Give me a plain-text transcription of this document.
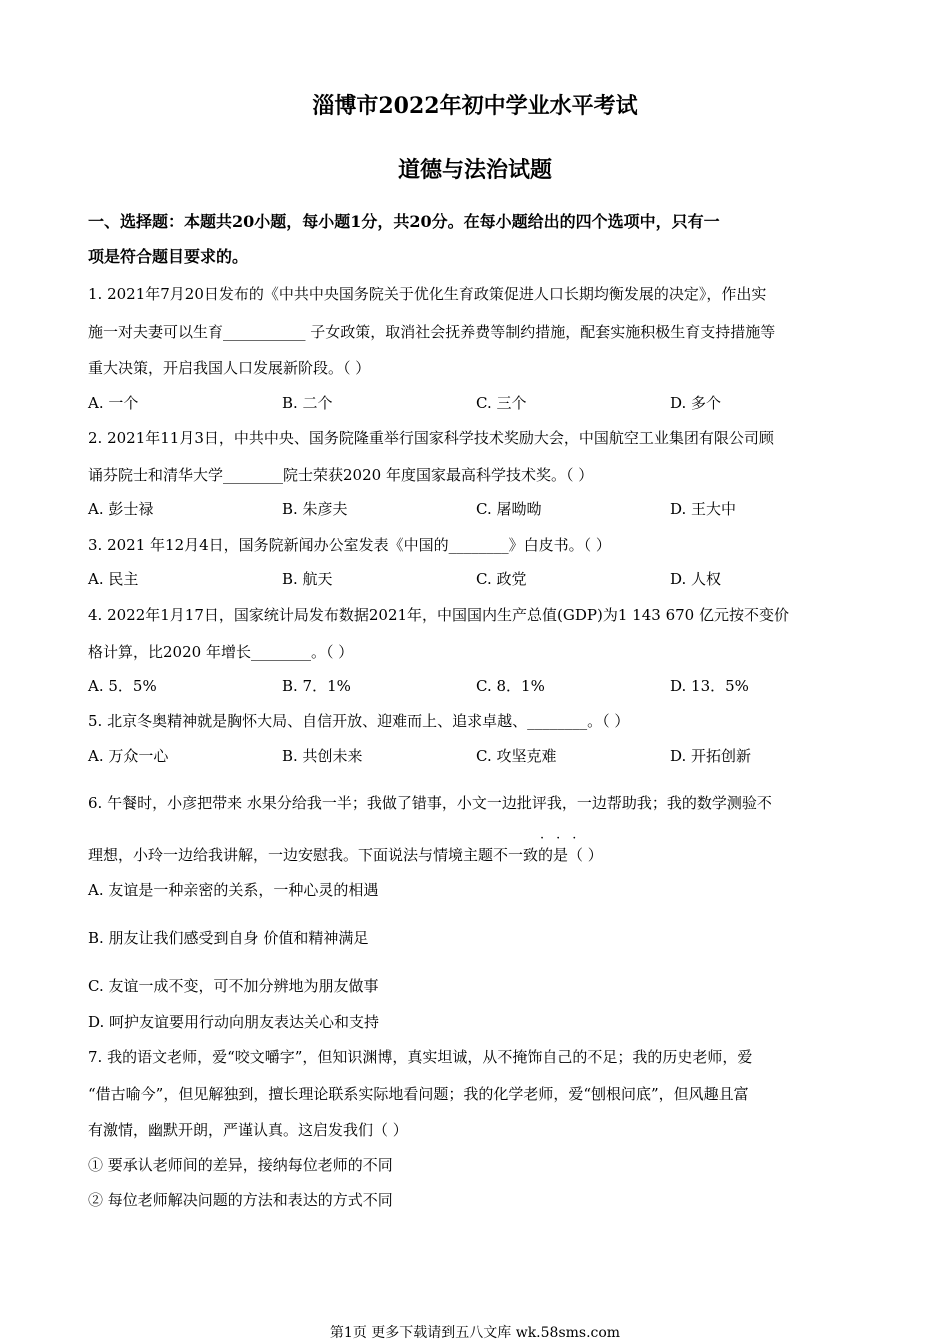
淄博市2022年初中学业水平考试
道德与法治试题
一、选择题：本题共20小题，每小题1分，共20分。在每小题给出的四个选项中，只有一
项是符合题目要求的。
1. 2021年7月20日发布的《中共中央国务院关于优化生育政策促进人口长期均衡发展的决定》，作出实
施一对夫妻可以生育___________ 子女政策，取消社会抚养费等制约措施，配套实施积极生育支持措施等
重大决策，开启我国人口发展新阶段。（ ）
A. 一个	B. 二个	C. 三个	D. 多个
2. 2021年11月3日，中共中央、国务院隆重举行国家科学技术奖励大会，中国航空工业集团有限公司顾
诵芬院士和清华大学________院士荣获2020 年度国家最高科学技术奖。（ ）
A. 彭士禄	B. 朱彦夫	C. 屠呦呦	D. 王大中
3. 2021 年12月4日，国务院新闻办公室发表《中国的________》白皮书。（ ）
A. 民主	B. 航天	C. 政党	D. 人权
4. 2022年1月17日，国家统计局发布数据2021年，中国国内生产总值(GDP)为1 143 670 亿元按不变价
格计算，比2020 年增长________。（ ）
A. 5．5%	B. 7．1%	C. 8．1%	D. 13．5%
5. 北京冬奥精神就是胸怀大局、自信开放、迎难而上、追求卓越、________。（ ）
A. 万众一心	B. 共创未来	C. 攻坚克难	D. 开拓创新
6. 午餐时，小彦把带来 水果分给我一半；我做了错事，小文一边批评我，一边帮助我；我的数学测验不
···
理想，小玲一边给我讲解，一边安慰我。下面说法与情境主题不一致的是（ ）
A. 友谊是一种亲密的关系，一种心灵的相遇
B. 朋友让我们感受到自身 价值和精神满足
C. 友谊一成不变，可不加分辨地为朋友做事
D. 呵护友谊要用行动向朋友表达关心和支持
7. 我的语文老师，爱“咬文嚼字”，但知识渊博，真实坦诚，从不掩饰自己的不足；我的历史老师，爱
“借古喻今”，但见解独到，擅长理论联系实际地看问题；我的化学老师，爱“刨根问底”，但风趣且富
有激情，幽默开朗，严谨认真。这启发我们（ ）
① 要承认老师间的差异，接纳每位老师的不同
② 每位老师解决问题的方法和表达的方式不同
第1页 更多下载请到五八文库 wk.58sms.com
